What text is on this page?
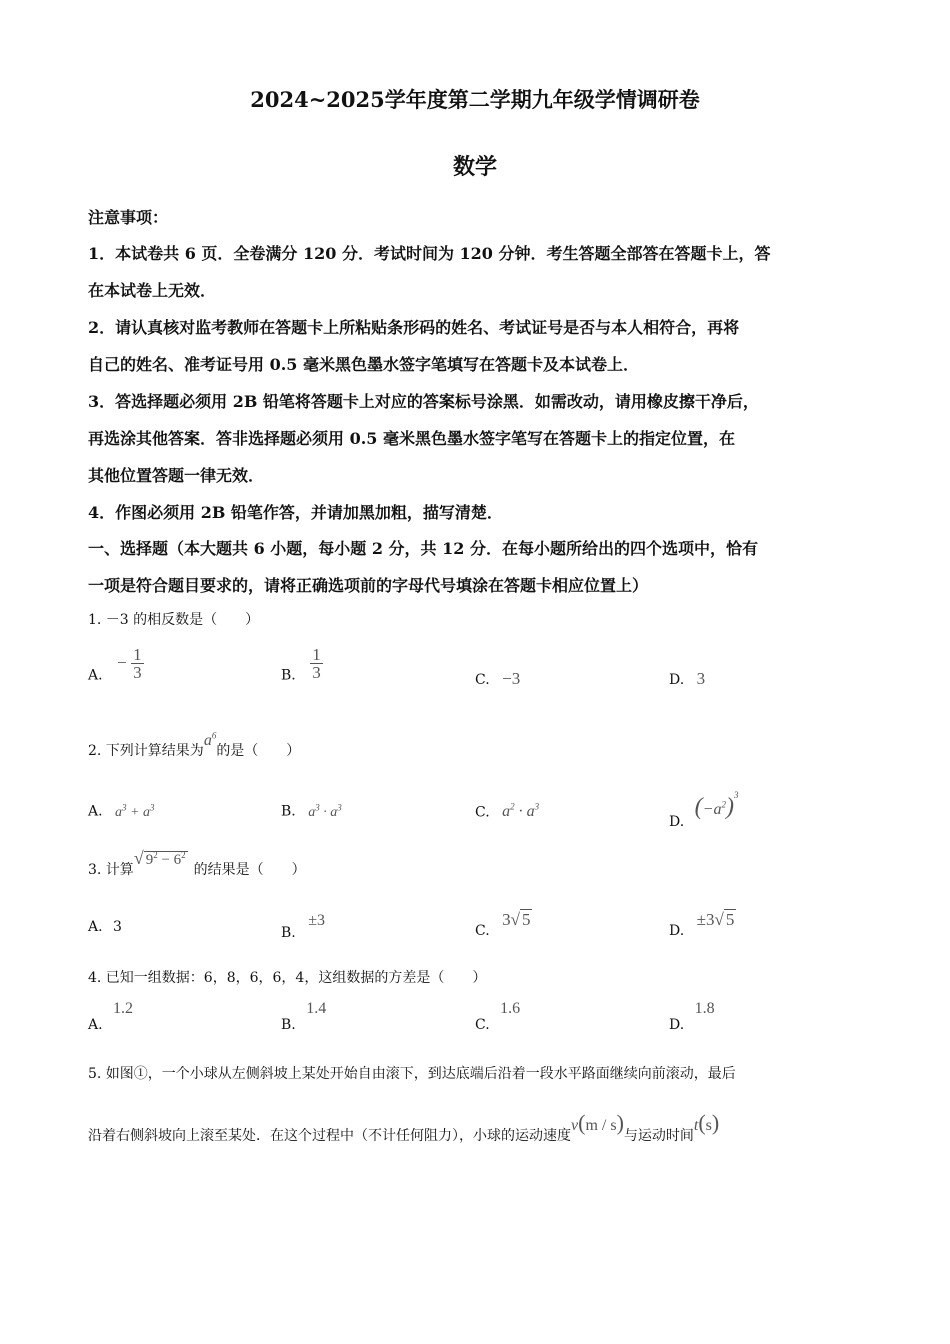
2024~2025学年度第二学期九年级学情调研卷
数学
注意事项：
1．本试卷共 6 页．全卷满分 120 分．考试时间为 120 分钟．考生答题全部答在答题卡上，答
在本试卷上无效．
2．请认真核对监考教师在答题卡上所粘贴条形码的姓名、考试证号是否与本人相符合，再将
自己的姓名、准考证号用 0.5 毫米黑色墨水签字笔填写在答题卡及本试卷上．
3．答选择题必须用 2B 铅笔将答题卡上对应的答案标号涂黑．如需改动，请用橡皮擦干净后，
再选涂其他答案．答非选择题必须用 0.5 毫米黑色墨水签字笔写在答题卡上的指定位置，在
其他位置答题一律无效．
4．作图必须用 2B 铅笔作答，并请加黑加粗，描写清楚．
一、选择题（本大题共 6 小题，每小题 2 分，共 12 分．在每小题所给出的四个选项中，恰有
一项是符合题目要求的，请将正确选项前的字母代号填涂在答题卡相应位置上）
1. －3 的相反数是（　　）
A. − $\frac{1}{3}$	B. $\frac{1}{3}$	C. −3	D. 3
2. 下列计算结果为$a^6$的是（　　）
A. $a^3 + a^3$	B. $a^3 \cdot a^3$	C. $a^2 \cdot a^3$
D. $(-a^2)^3$
3. 计算√ $9^2 - 6^2$的结果是（　　）
A. 3	B. ±3
C. 3√ 5
D. ±3√ 5
4. 已知一组数据：6，8，6，6，4，这组数据的方差是（　　）
A. 1.2
B. 1.4
C. 1.6
D. 1.8
5. 如图①，一个小球从左侧斜坡上某处开始自由滚下，到达底端后沿着一段水平路面继续向前滚动，最后
沿着右侧斜坡向上滚至某处．在这个过程中（不计任何阻力），小球的运动速度v(m / s)与运动时间t(s)
